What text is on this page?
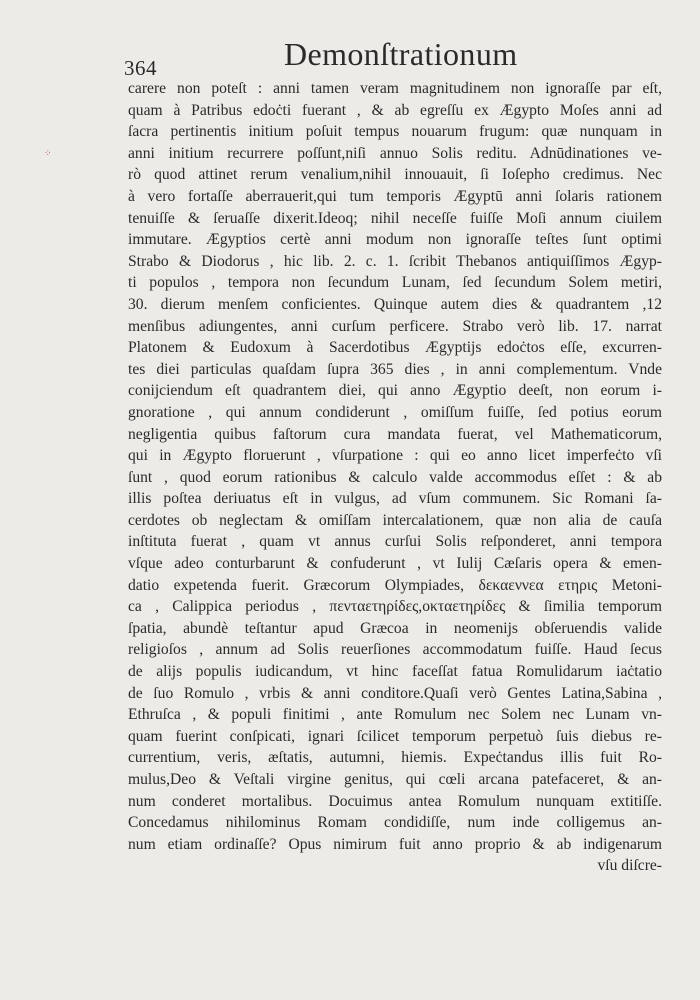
364	Demonſtrationum
⁘
carere non poteſt : anni tamen veram magnitudinem non ignoraſſe par eſt,
quam à Patribus edoċti fuerant , & ab egreſſu ex Ægypto Moſes anni ad
ſacra pertinentis initium poſuit tempus nouarum frugum: quæ nunquam in
anni initium recurrere poſſunt,niſi annuo Solis reditu. Adnūdinationes ve-
rò quod attinet rerum venalium,nihil innouauit, ſi Ioſepho credimus. Nec
à vero fortaſſe aberrauerit,qui tum temporis Ægyptū anni ſolaris rationem
tenuiſſe & ſeruaſſe dixerit.Ideoq; nihil neceſſe fuiſſe Moſi annum ciuilem
immutare. Ægyptios certè anni modum non ignoraſſe teſtes ſunt optimi
Strabo & Diodorus , hic lib. 2. c. 1. ſcribit Thebanos antiquiſſimos Ægyp-
ti populos , tempora non ſecundum Lunam, ſed ſecundum Solem metiri,
30. dierum menſem conficientes. Quinque autem dies & quadrantem ,12
menſibus adiungentes, anni curſum perficere. Strabo verò lib. 17. narrat
Platonem & Eudoxum à Sacerdotibus Ægyptijs edoċtos eſſe, excurren-
tes diei particulas quaſdam ſupra 365 dies , in anni complementum. Vnde
conijciendum eſt quadrantem diei, qui anno Ægyptio deeſt, non eorum i-
gnoratione , qui annum condiderunt , omiſſum fuiſſe, ſed potius eorum
negligentia quibus faſtorum cura mandata fuerat, vel Mathematicorum,
qui in Ægypto floruerunt , vſurpatione : qui eo anno licet imperfeċto vſi
ſunt , quod eorum rationibus & calculo valde accommodus eſſet : & ab
illis poſtea deriuatus eſt in vulgus, ad vſum communem. Sic Romani ſa-
cerdotes ob neglectam & omiſſam intercalationem, quæ non alia de cauſa
inſtituta fuerat , quam vt annus curſui Solis reſponderet, anni tempora
vſque adeo conturbarunt & confuderunt , vt Iulij Cæſaris opera & emen-
datio expetenda fuerit. Græcorum Olympiades, δεκαεννεα ετηρις Metoni-
ca , Calippica periodus , πενταετηρίδες,οκταετηρίδες & ſimilia temporum
ſpatia, abundè teſtantur apud Græcoa in neomenijs obſeruendis valide
religioſos , annum ad Solis reuerſiones accommodatum fuiſſe. Haud ſecus
de alijs populis iudicandum, vt hinc faceſſat fatua Romulidarum iaċtatio
de ſuo Romulo , vrbis & anni conditore.Quaſi verò Gentes Latina,Sabina ,
Ethruſca , & populi finitimi , ante Romulum nec Solem nec Lunam vn-
quam fuerint conſpicati, ignari ſcilicet temporum perpetuò ſuis diebus re-
currentium, veris, æſtatis, autumni, hiemis. Expeċtandus illis fuit Ro-
mulus,Deo & Veſtali virgine genitus, qui cœli arcana patefaceret, & an-
num conderet mortalibus. Docuimus antea Romulum nunquam extitiſſe.
Concedamus nihilominus Romam condidiſſe, num inde colligemus an-
num etiam ordinaſſe? Opus nimirum fuit anno proprio & ab indigenarum
vſu diſcre-
